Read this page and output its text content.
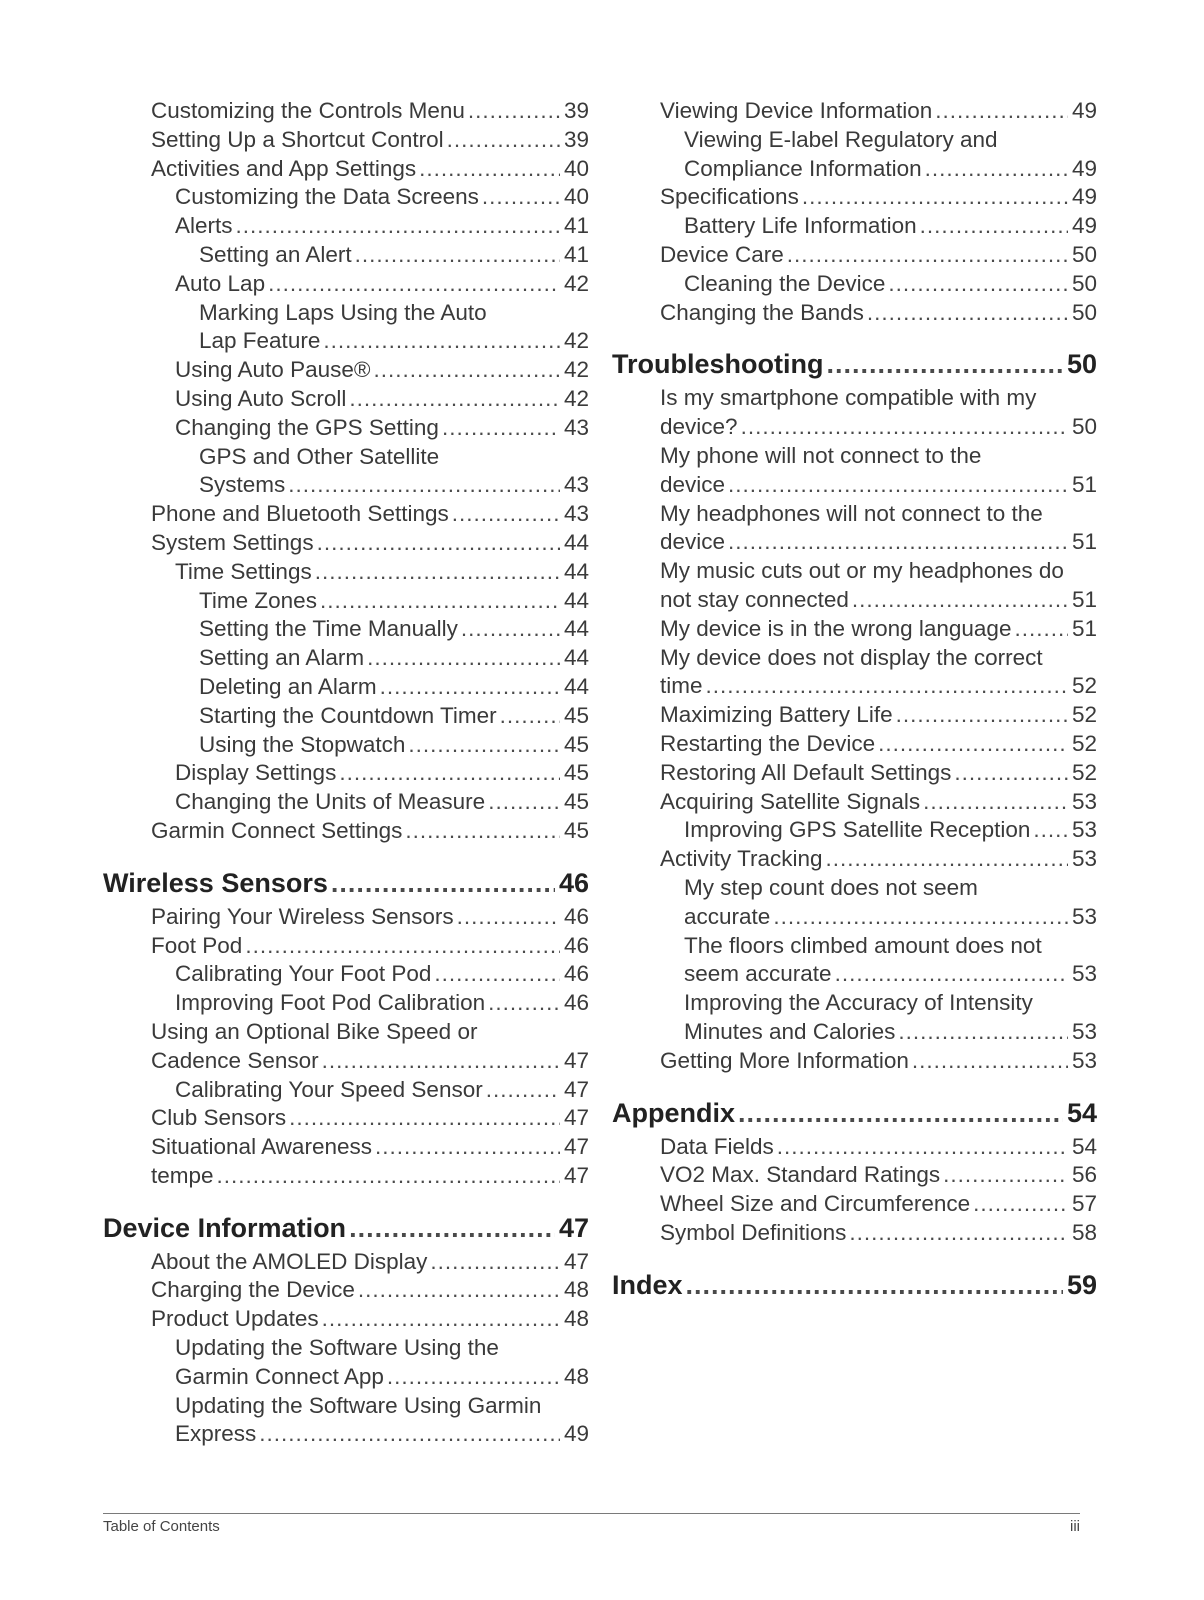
Customizing the Controls Menu .....	39
Setting Up a Shortcut Control .....	39
Activities and App Settings .....	40
Customizing the Data Screens .....	40
Alerts .....	41
Setting an Alert .....	41
Auto Lap .....	42
Marking Laps Using the Auto
Lap Feature .....	42
Using Auto Pause® .....	42
Using Auto Scroll .....	42
Changing the GPS Setting .....	43
GPS and Other Satellite
Systems .....	43
Phone and Bluetooth Settings .....	43
System Settings .....	44
Time Settings .....	44
Time Zones .....	44
Setting the Time Manually .....	44
Setting an Alarm .....	44
Deleting an Alarm .....	44
Starting the Countdown Timer .....	45
Using the Stopwatch .....	45
Display Settings .....	45
Changing the Units of Measure .....	45
Garmin Connect Settings .....	45
Wireless Sensors .....	46
Pairing Your Wireless Sensors .....	46
Foot Pod .....	46
Calibrating Your Foot Pod .....	46
Improving Foot Pod Calibration .....	46
Using an Optional Bike Speed or
Cadence Sensor .....	47
Calibrating Your Speed Sensor .....	47
Club Sensors .....	47
Situational Awareness .....	47
tempe .....	47
Device Information .....	47
About the AMOLED Display .....	47
Charging the Device .....	48
Product Updates .....	48
Updating the Software Using the
Garmin Connect App .....	48
Updating the Software Using Garmin
Express .....	49
Viewing Device Information .....	49
Viewing E-label Regulatory and
Compliance Information .....	49
Specifications .....	49
Battery Life Information .....	49
Device Care .....	50
Cleaning the Device .....	50
Changing the Bands .....	50
Troubleshooting .....	50
Is my smartphone compatible with my
device? .....	50
My phone will not connect to the
device .....	51
My headphones will not connect to the
device .....	51
My music cuts out or my headphones do
not stay connected .....	51
My device is in the wrong language .....	51
My device does not display the correct
time .....	52
Maximizing Battery Life .....	52
Restarting the Device .....	52
Restoring All Default Settings .....	52
Acquiring Satellite Signals .....	53
Improving GPS Satellite Reception ..... 53
Activity Tracking .....	53
My step count does not seem
accurate .....	53
The floors climbed amount does not
seem accurate .....	53
Improving the Accuracy of Intensity
Minutes and Calories .....	53
Getting More Information .....	53
Appendix .....	54
Data Fields .....	54
VO2 Max. Standard Ratings .....	56
Wheel Size and Circumference .....	57
Symbol Definitions .....	58
Index .....	59
Table of Contents	iii
